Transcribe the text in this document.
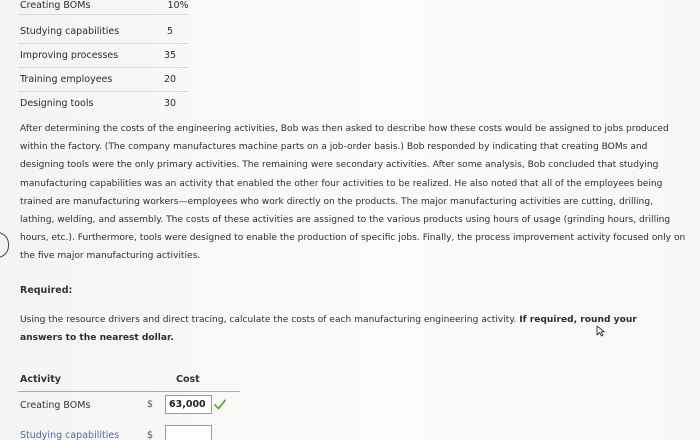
Creating BOMs	10%
Studying capabilities	5
Improving processes	35
Training employees	20
Designing tools	30
After determining the costs of the engineering activities, Bob was then asked to describe how these costs would be assigned to jobs produced within the factory. (The company manufactures machine parts on a job-order basis.) Bob responded by indicating that creating BOMs and designing tools were the only primary activities. The remaining were secondary activities. After some analysis, Bob concluded that studying manufacturing capabilities was an activity that enabled the other four activities to be realized. He also noted that all of the employees being trained are manufacturing workers—employees who work directly on the products. The major manufacturing activities are cutting, drilling, lathing, welding, and assembly. The costs of these activities are assigned to the various products using hours of usage (grinding hours, drilling hours, etc.). Furthermore, tools were designed to enable the production of specific jobs. Finally, the process improvement activity focused only on the five major manufacturing activities.
Required:
Using the resource drivers and direct tracing, calculate the costs of each manufacturing engineering activity. If required, round your answers to the nearest dollar.
Activity	Cost
Creating BOMs	$	63,000
Studying capabilities	$
